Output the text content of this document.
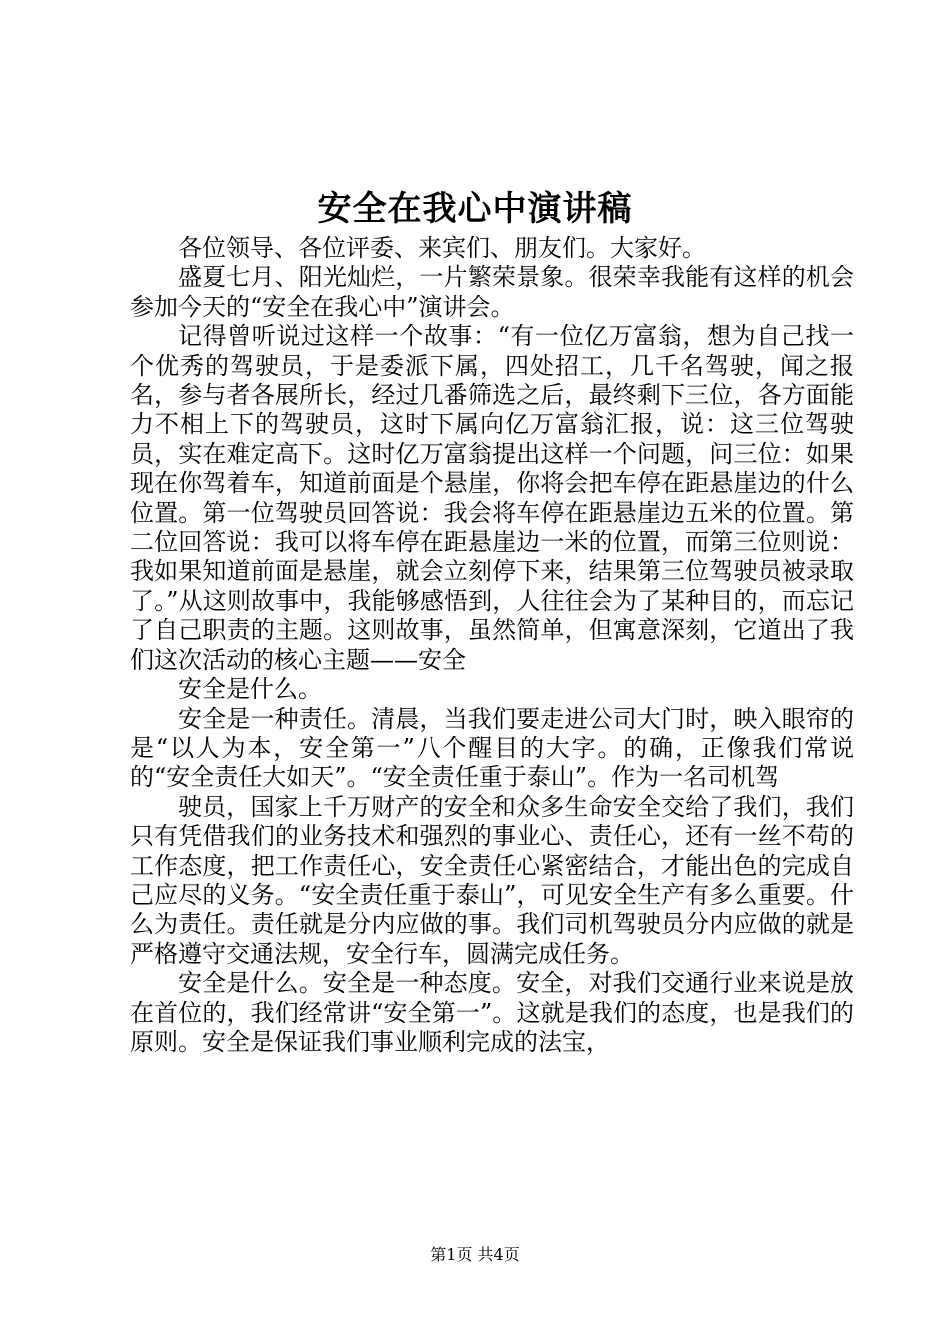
安全在我心中演讲稿

各位领导、各位评委、来宾们、朋友们。大家好。

盛夏七月、阳光灿烂，一片繁荣景象。很荣幸我能有这样的机会参加今天的“安全在我心中”演讲会。

记得曾听说过这样一个故事：“有一位亿万富翁，想为自己找一个优秀的驾驶员，于是委派下属，四处招工，几千名驾驶，闻之报名，参与者各展所长，经过几番筛选之后，最终剩下三位，各方面能力不相上下的驾驶员，这时下属向亿万富翁汇报，说：这三位驾驶员，实在难定高下。这时亿万富翁提出这样一个问题，问三位：如果现在你驾着车，知道前面是个悬崖，你将会把车停在距悬崖边的什么位置。第一位驾驶员回答说：我会将车停在距悬崖边五米的位置。第二位回答说：我可以将车停在距悬崖边一米的位置，而第三位则说：我如果知道前面是悬崖，就会立刻停下来，结果第三位驾驶员被录取了。”从这则故事中，我能够感悟到，人往往会为了某种目的，而忘记了自己职责的主题。这则故事，虽然简单，但寓意深刻，它道出了我们这次活动的核心主题——安全

安全是什么。

安全是一种责任。清晨，当我们要走进公司大门时，映入眼帘的是“以人为本，安全第一”八个醒目的大字。的确，正像我们常说的“安全责任大如天”。“安全责任重于泰山”。作为一名司机驾

驶员，国家上千万财产的安全和众多生命安全交给了我们，我们只有凭借我们的业务技术和强烈的事业心、责任心，还有一丝不苟的工作态度，把工作责任心，安全责任心紧密结合，才能出色的完成自己应尽的义务。“安全责任重于泰山”，可见安全生产有多么重要。什么为责任。责任就是分内应做的事。我们司机驾驶员分内应做的就是严格遵守交通法规，安全行车，圆满完成任务。

安全是什么。安全是一种态度。安全，对我们交通行业来说是放在首位的，我们经常讲“安全第一”。这就是我们的态度，也是我们的原则。安全是保证我们事业顺利完成的法宝，

第1页 共4页
